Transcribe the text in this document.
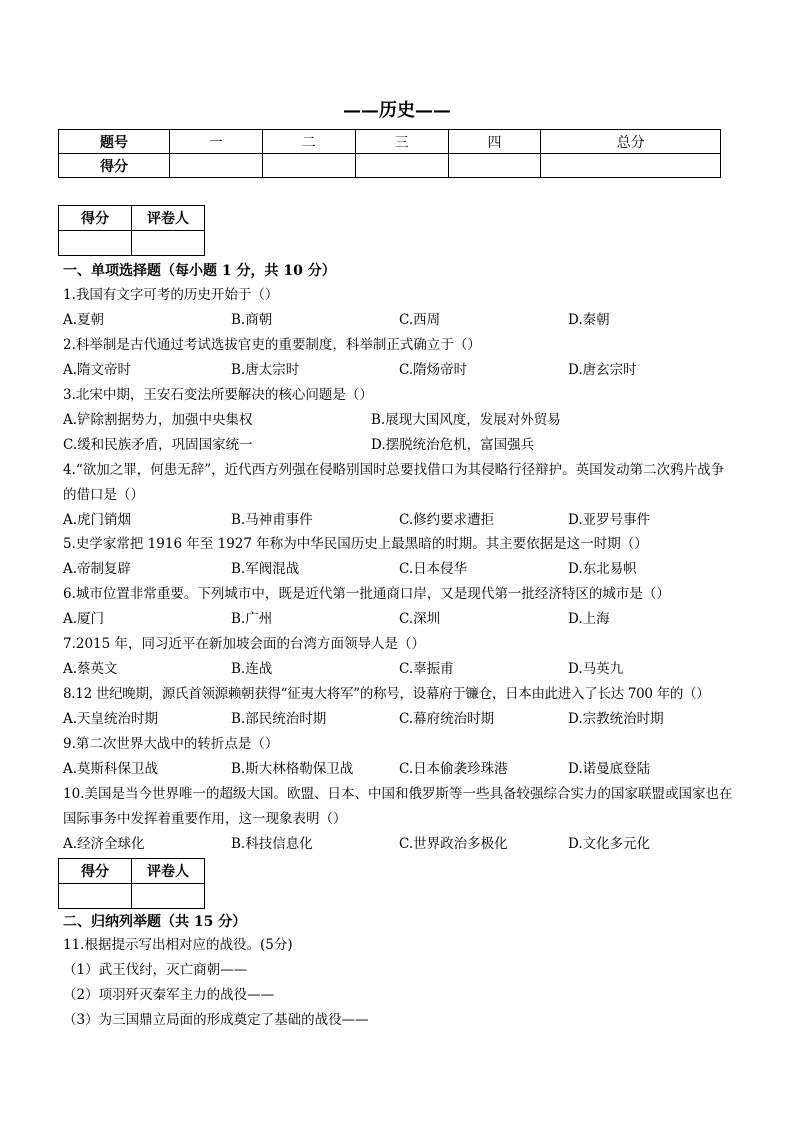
——历史——
题号	一	二	三	四	总分
得分					
得分	评卷人

一、单项选择题（每小题 1 分，共 10 分）
1.我国有文字可考的历史开始于（）
A.夏朝	B.商朝	C.西周	D.秦朝
2.科举制是古代通过考试选拔官吏的重要制度，科举制正式确立于（）
A.隋文帝时	B.唐太宗时	C.隋炀帝时	D.唐玄宗时
3.北宋中期，王安石变法所要解决的核心问题是（）
A.铲除割据势力，加强中央集权	B.展现大国风度，发展对外贸易
C.缓和民族矛盾，巩固国家统一	D.摆脱统治危机，富国强兵
4.“欲加之罪，何患无辞”，近代西方列强在侵略别国时总要找借口为其侵略行径辩护。英国发动第二次鸦片战争的借口是（）
A.虎门销烟	B.马神甫事件	C.修约要求遭拒	D.亚罗号事件
5.史学家常把 1916 年至 1927 年称为中华民国历史上最黑暗的时期。其主要依据是这一时期（）
A.帝制复辟	B.军阀混战	C.日本侵华	D.东北易帜
6.城市位置非常重要。下列城市中，既是近代第一批通商口岸，又是现代第一批经济特区的城市是（）
A.厦门	B.广州	C.深圳	D.上海
7.2015 年，同习近平在新加坡会面的台湾方面领导人是（）
A.蔡英文	B.连战	C.辜振甫	D.马英九
8.12 世纪晚期，源氏首领源赖朝获得“征夷大将军”的称号，设幕府于镰仓，日本由此进入了长达 700 年的（）
A.天皇统治时期	B.部民统治时期	C.幕府统治时期	D.宗教统治时期
9.第二次世界大战中的转折点是（）
A.莫斯科保卫战	B.斯大林格勒保卫战	C.日本偷袭珍珠港	D.诺曼底登陆
10.美国是当今世界唯一的超级大国。欧盟、日本、中国和俄罗斯等一些具备较强综合实力的国家联盟或国家也在国际事务中发挥着重要作用，这一现象表明（）
A.经济全球化	B.科技信息化	C.世界政治多极化	D.文化多元化
得分	评卷人

二、归纳列举题（共 15 分）
11.根据提示写出相对应的战役。(5分)
（1）武王伐纣，灭亡商朝——
（2）项羽歼灭秦军主力的战役——
（3）为三国鼎立局面的形成奠定了基础的战役——
